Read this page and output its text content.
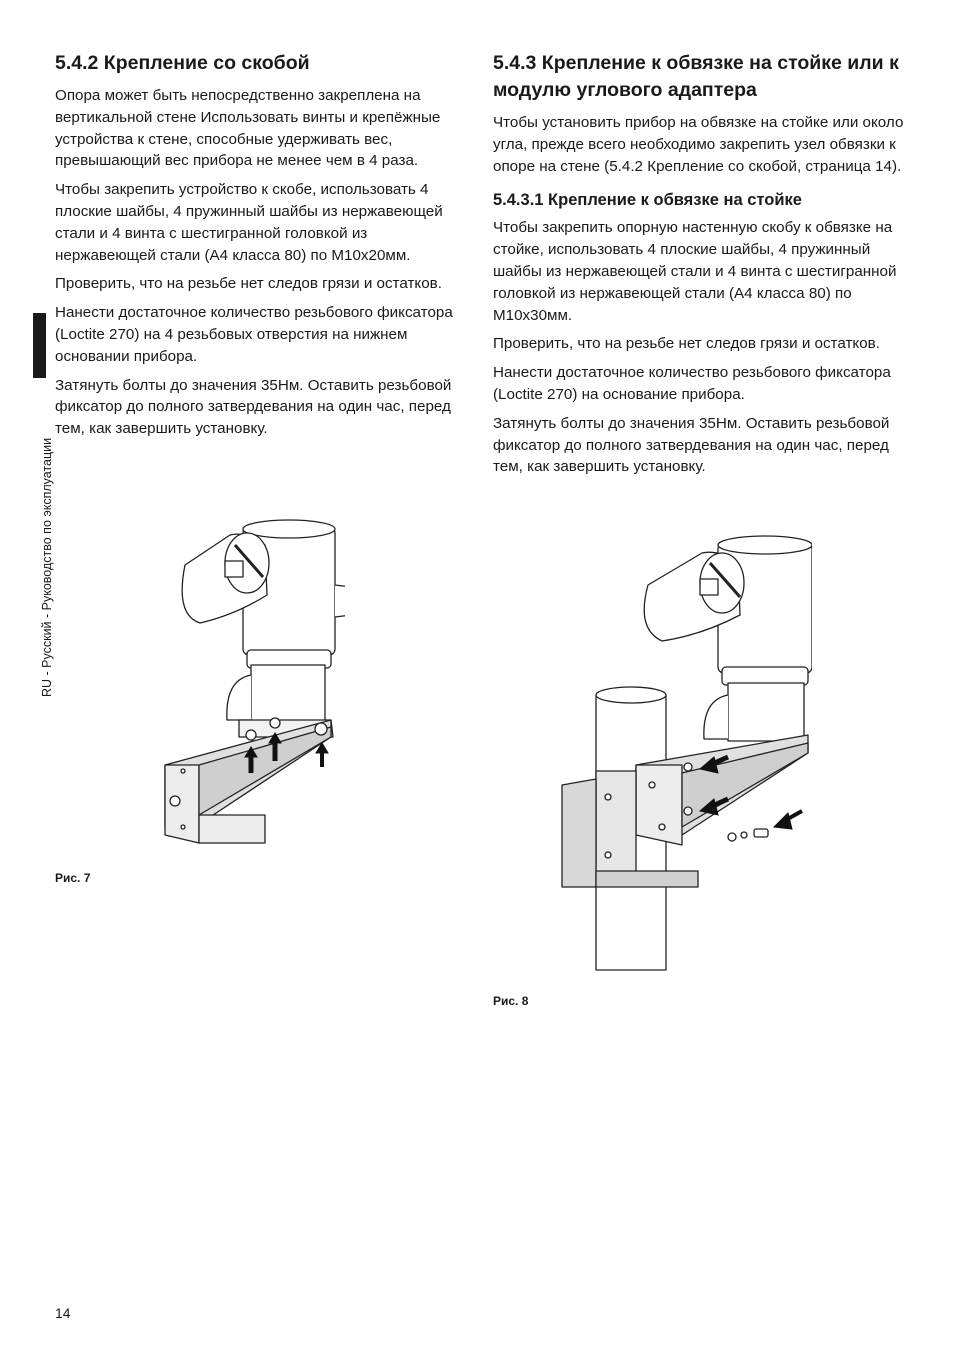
RU - Русский - Руководство по эксплуатации
5.4.2 Крепление со скобой

Опора может быть непосредственно закреплена на вертикальной стене Использовать винты и крепёжные устройства к стене, способные удерживать вес, превышающий вес прибора не менее чем в 4 раза.

Чтобы закрепить устройство к скобе, использовать 4 плоские шайбы, 4 пружинный шайбы из нержавеющей стали и 4 винта с шестигранной головкой из нержавеющей стали (A4 класса 80) по M10x20мм.

Проверить, что на резьбе нет следов грязи и остатков.

Нанести достаточное количество резьбового фиксатора (Loctite 270) на 4 резьбовых отверстия на нижнем основании прибора.

Затянуть болты до значения 35Нм. Оставить резьбовой фиксатор до полного затвердевания на один час, перед тем, как завершить установку.

5.4.3 Крепление к обвязке на стойке или к модулю углового адаптера

Чтобы установить прибор на обвязке на стойке или около угла, прежде всего необходимо закрепить узел обвязки к опоре на стене (5.4.2 Крепление со скобой, страница 14).

5.4.3.1 Крепление к обвязке на стойке

Чтобы закрепить опорную настенную скобу к обвязке на стойке, использовать 4 плоские шайбы, 4 пружинный шайбы из нержавеющей стали и 4 винта с шестигранной головкой из нержавеющей стали (A4 класса 80) по M10x30мм.

Проверить, что на резьбе нет следов грязи и остатков.

Нанести достаточное количество резьбового фиксатора (Loctite 270) на основание прибора.

Затянуть болты до значения 35Нм. Оставить резьбовой фиксатор до полного затвердевания на один час, перед тем, как завершить установку.

Рис. 7
Рис. 8
14
